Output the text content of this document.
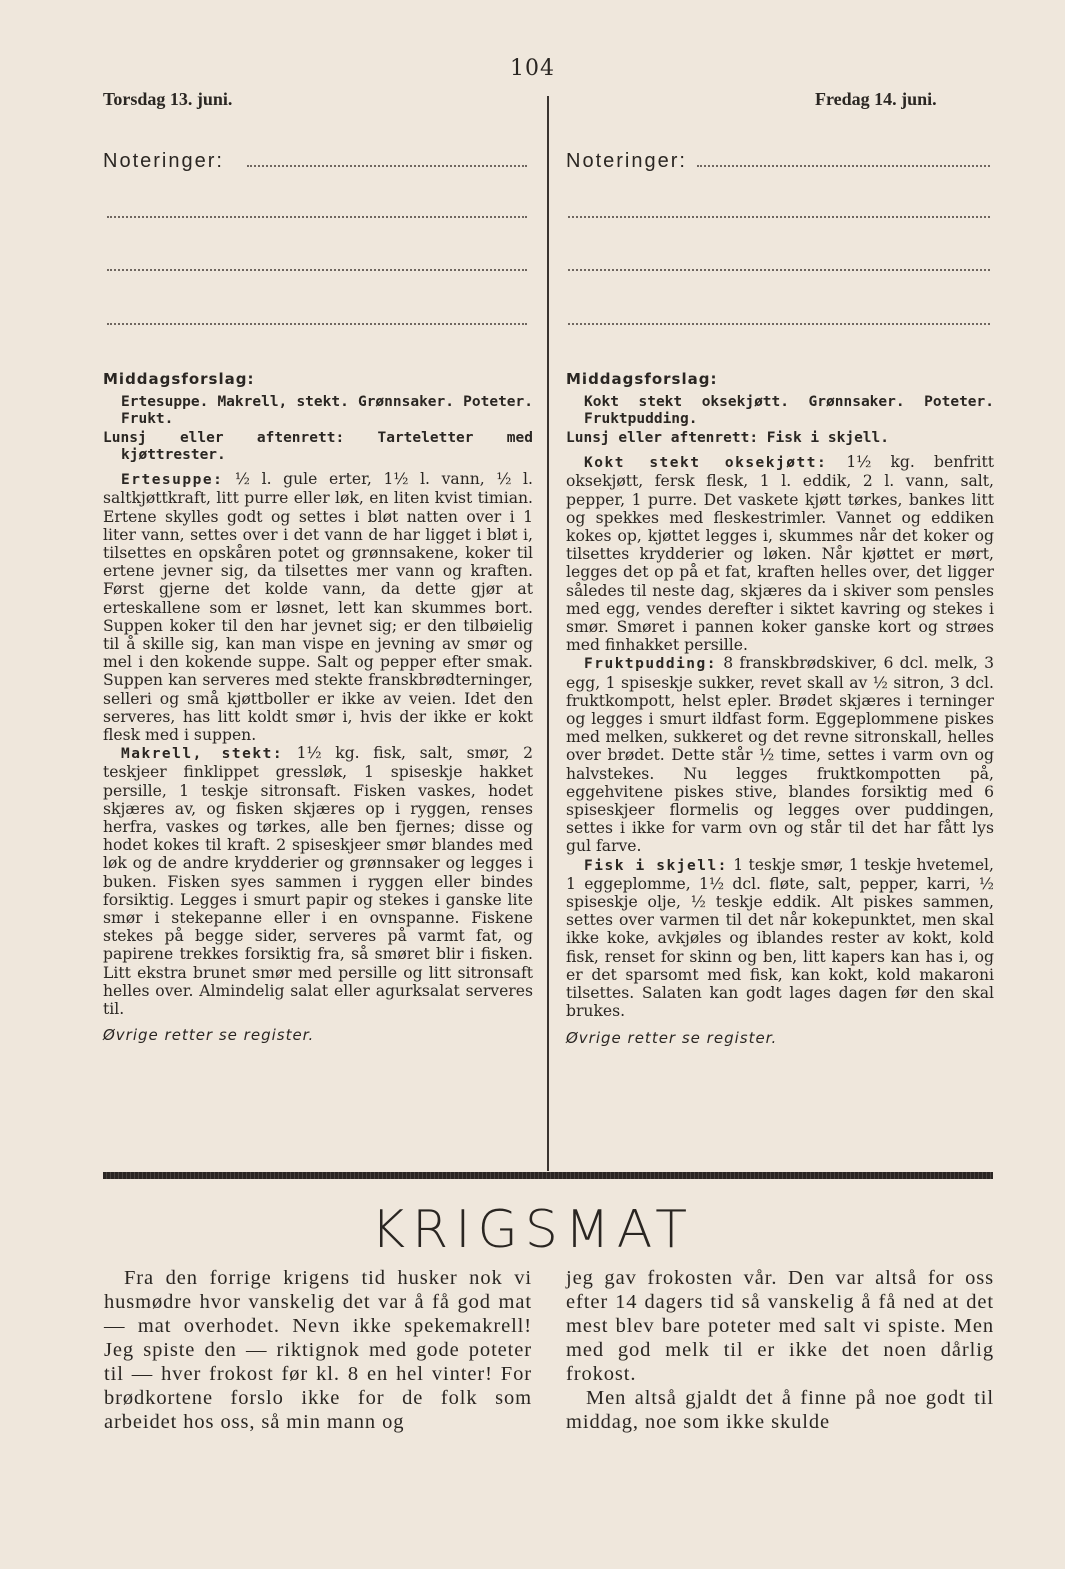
104
Torsdag 13. juni.	Fredag 14. juni.
Noteringer:	Noteringer:

Middagsforslag:

Ertesuppe. Makrell, stekt. Grønnsaker. Poteter. Frukt.

Lunsj eller aftenrett: Tarteletter med kjøttrester.

Ertesuppe: ½ l. gule erter, 1½ l. vann, ½ l. saltkjøttkraft, litt purre eller løk, en liten kvist timian. Ertene skylles godt og settes i bløt natten over i 1 liter vann, settes over i det vann de har ligget i bløt i, tilsettes en opskåren potet og grønnsakene, koker til ertene jevner sig, da tilsettes mer vann og kraften. Først gjerne det kolde vann, da dette gjør at erteskallene som er løsnet, lett kan skummes bort. Suppen koker til den har jevnet sig; er den tilbøielig til å skille sig, kan man vispe en jevning av smør og mel i den kokende suppe. Salt og pepper efter smak. Suppen kan serveres med stekte franskbrødterninger, selleri og små kjøttboller er ikke av veien. Idet den serveres, has litt koldt smør i, hvis der ikke er kokt flesk med i suppen.

Makrell, stekt: 1½ kg. fisk, salt, smør, 2 teskjeer finklippet gressløk, 1 spiseskje hakket persille, 1 teskje sitronsaft. Fisken vaskes, hodet skjæres av, og fisken skjæres op i ryggen, renses herfra, vaskes og tørkes, alle ben fjernes; disse og hodet kokes til kraft. 2 spiseskjeer smør blandes med løk og de andre krydderier og grønnsaker og legges i buken. Fisken syes sammen i ryggen eller bindes forsiktig. Legges i smurt papir og stekes i ganske lite smør i stekepanne eller i en ovnspanne. Fiskene stekes på begge sider, serveres på varmt fat, og papirene trekkes forsiktig fra, så smøret blir i fisken. Litt ekstra brunet smør med persille og litt sitronsaft helles over. Almindelig salat eller agurksalat serveres til.

Øvrige retter se register.

Middagsforslag:

Kokt stekt oksekjøtt. Grønnsaker. Poteter. Fruktpudding.

Lunsj eller aftenrett: Fisk i skjell.

Kokt stekt oksekjøtt: 1½ kg. benfritt oksekjøtt, fersk flesk, 1 l. eddik, 2 l. vann, salt, pepper, 1 purre. Det vaskete kjøtt tørkes, bankes litt og spekkes med fleskestrimler. Vannet og eddiken kokes op, kjøttet legges i, skummes når det koker og tilsettes krydderier og løken. Når kjøttet er mørt, legges det op på et fat, kraften helles over, det ligger således til neste dag, skjæres da i skiver som pensles med egg, vendes derefter i siktet kavring og stekes i smør. Smøret i pannen koker ganske kort og strøes med finhakket persille.

Fruktpudding: 8 franskbrødskiver, 6 dcl. melk, 3 egg, 1 spiseskje sukker, revet skall av ½ sitron, 3 dcl. fruktkompott, helst epler. Brødet skjæres i terninger og legges i smurt ildfast form. Eggeplommene piskes med melken, sukkeret og det revne sitronskall, helles over brødet. Dette står ½ time, settes i varm ovn og halvstekes. Nu legges fruktkompotten på, eggehvitene piskes stive, blandes forsiktig med 6 spiseskjeer flormelis og legges over puddingen, settes i ikke for varm ovn og står til det har fått lys gul farve.

Fisk i skjell: 1 teskje smør, 1 teskje hvetemel, 1 eggeplomme, 1½ dcl. fløte, salt, pepper, karri, ½ spiseskje olje, ½ teskje eddik. Alt piskes sammen, settes over varmen til det når kokepunktet, men skal ikke koke, avkjøles og iblandes rester av kokt, kold fisk, renset for skinn og ben, litt kapers kan has i, og er det sparsomt med fisk, kan kokt, kold makaroni tilsettes. Salaten kan godt lages dagen før den skal brukes.

Øvrige retter se register.

KRIGSMAT

Fra den forrige krigens tid husker nok vi husmødre hvor vanskelig det var å få god mat — mat overhodet. Nevn ikke spekemakrell! Jeg spiste den — riktignok med gode poteter til — hver frokost før kl. 8 en hel vinter! For brødkortene forslo ikke for de folk som arbeidet hos oss, så min mann og

jeg gav frokosten vår. Den var altså for oss efter 14 dagers tid så vanskelig å få ned at det mest blev bare poteter med salt vi spiste. Men med god melk til er ikke det noen dårlig frokost.

Men altså gjaldt det å finne på noe godt til middag, noe som ikke skulde
